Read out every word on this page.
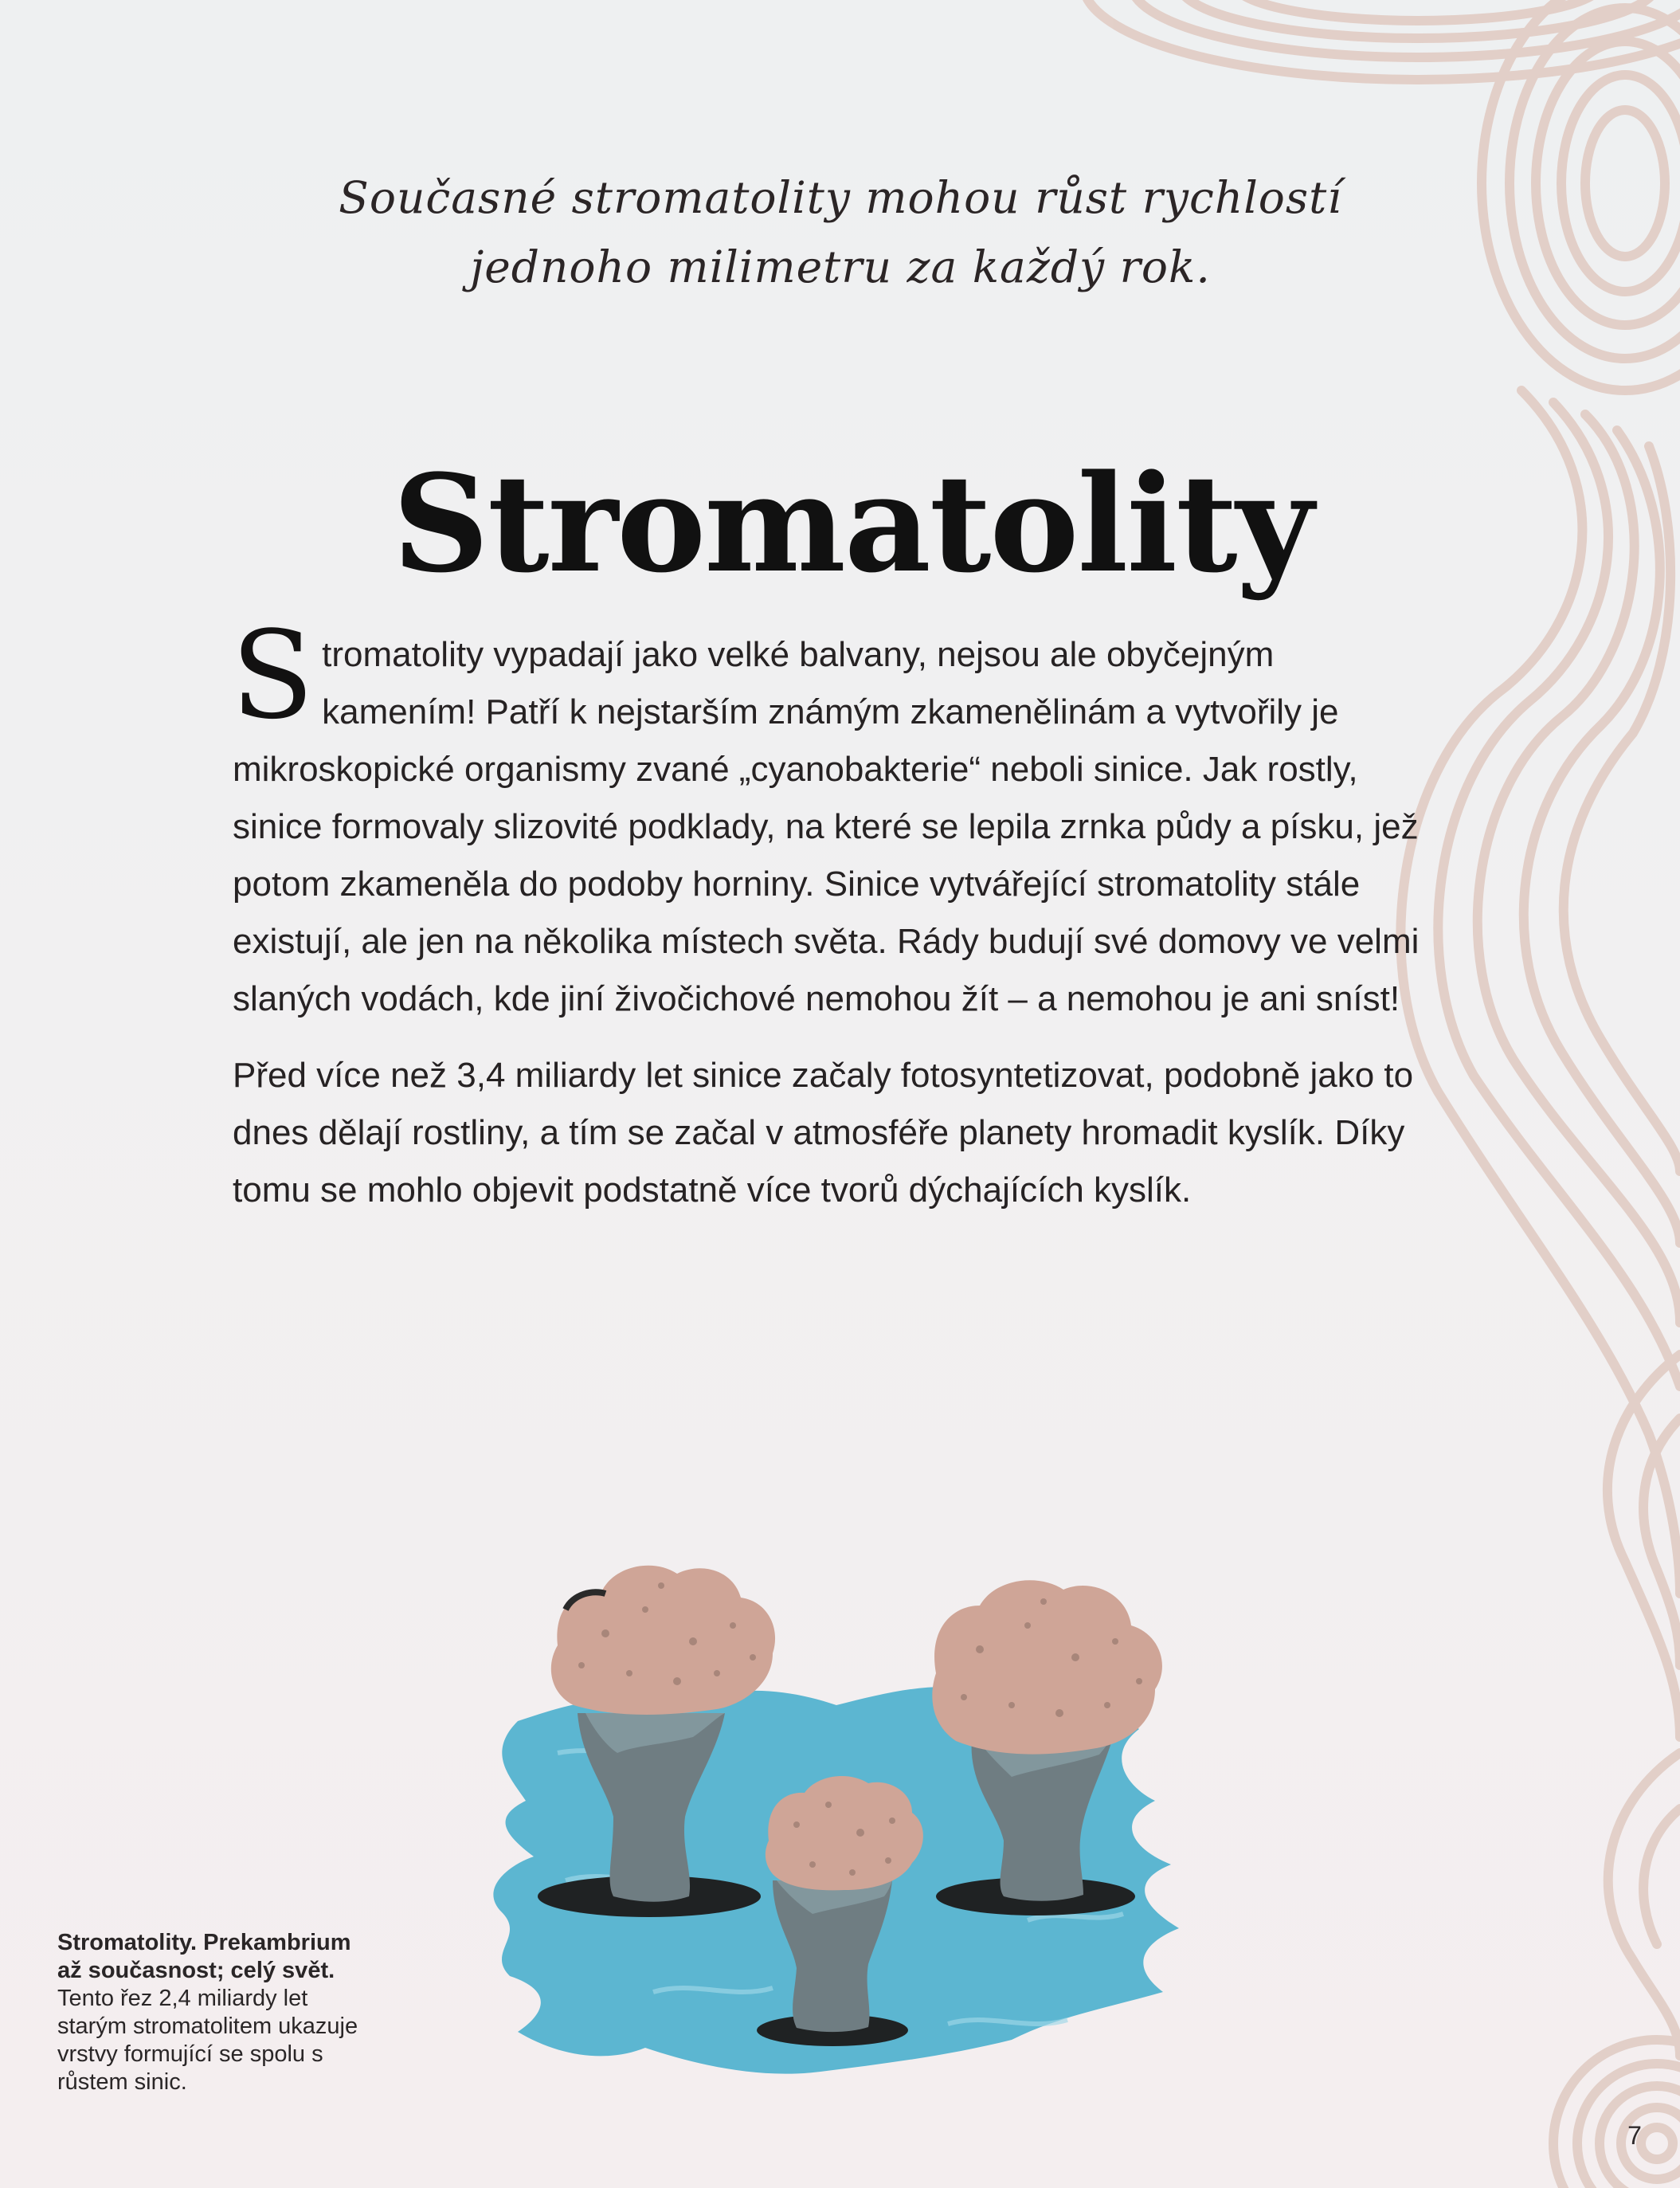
Současné stromatolity mohou růst rychlostí jednoho milimetru za každý rok.
Stromatolity

Stromatolity vypadají jako velké balvany, nejsou ale obyčejným kamením! Patří k nejstarším známým zkamenělinám a vytvořily je mikroskopické organismy zvané „cyanobakterie“ neboli sinice. Jak rostly, sinice formovaly slizovité podklady, na které se lepila zrnka půdy a písku, jež potom zkameněla do podoby horniny. Sinice vytvářející stromatolity stále existují, ale jen na několika místech světa. Rády budují své domovy ve velmi slaných vodách, kde jiní živočichové nemohou žít – a nemohou je ani sníst!

Před více než 3,4 miliardy let sinice začaly fotosyntetizovat, podobně jako to dnes dělají rostliny, a tím se začal v atmosféře planety hromadit kyslík. Díky tomu se mohlo objevit podstatně více tvorů dýchajících kyslík.

Stromatolity. Prekambrium až současnost; celý svět.
Tento řez 2,4 miliardy let starým stromatolitem ukazuje vrstvy formující se spolu s růstem sinic.
7
